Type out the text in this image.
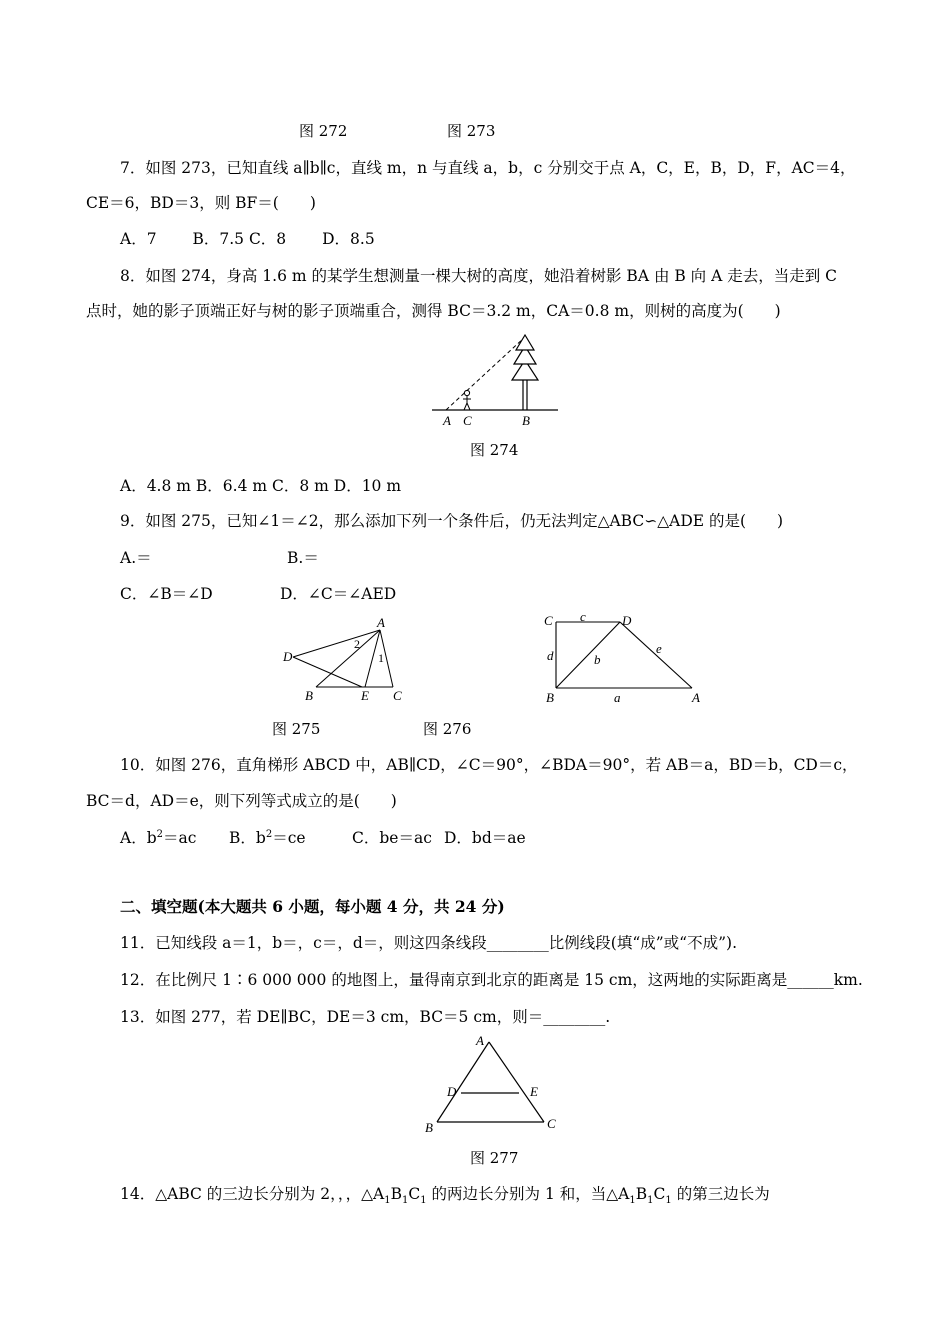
图 272	图 273
7．如图 273，已知直线 a∥b∥c，直线 m，n 与直线 a，b，c 分别交于点 A，C，E，B，D，F，AC＝4，
CE＝6，BD＝3，则 BF＝(　　)
A．7　　 B．7.5 C．8　　 D．8.5
8．如图 274，身高 1.6 m 的某学生想测量一棵大树的高度，她沿着树影 BA 由 B 向 A 走去，当走到 C
点时，她的影子顶端正好与树的影子顶端重合，测得 BC＝3.2 m，CA＝0.8 m，则树的高度为(　　)
A C	B
图 274
A．4.8 m B．6.4 m C．8 m D．10 m
9．如图 275，已知∠1＝∠2，那么添加下列一个条件后，仍无法判定△ABC∽△ADE 的是(　　)
A.＝	B.＝
C．∠B＝∠D	D．∠C＝∠AED
A
D
B	E C
2
1
图 275
C	D
B	A
c
d	b
e
a
图 276
10．如图 276，直角梯形 ABCD 中，AB∥CD，∠C＝90°，∠BDA＝90°，若 AB＝a，BD＝b，CD＝c，
BC＝d，AD＝e，则下列等式成立的是(　　)
A．$b^2=ac$ B．$b^2=ce$	C．be＝ac D．bd＝ae
二、填空题(本大题共 6 小题，每小题 4 分，共 24 分)
11．已知线段 a＝1，b＝，c＝，d＝，则这四条线段________比例线段(填“成”或“不成”).
12．在比例尺 1∶6 000 000 的地图上，量得南京到北京的距离是 15 cm，这两地的实际距离是______km.
13．如图 277，若 DE∥BC，DE＝3 cm，BC＝5 cm，则＝________.
A
D	E
B	C
图 277
14．△ABC 的三边长分别为 2，，，$\triangle A_1B_1C_1$ 的两边长分别为 1 和，当$\triangle A_1B_1C_1$ 的第三边长为
